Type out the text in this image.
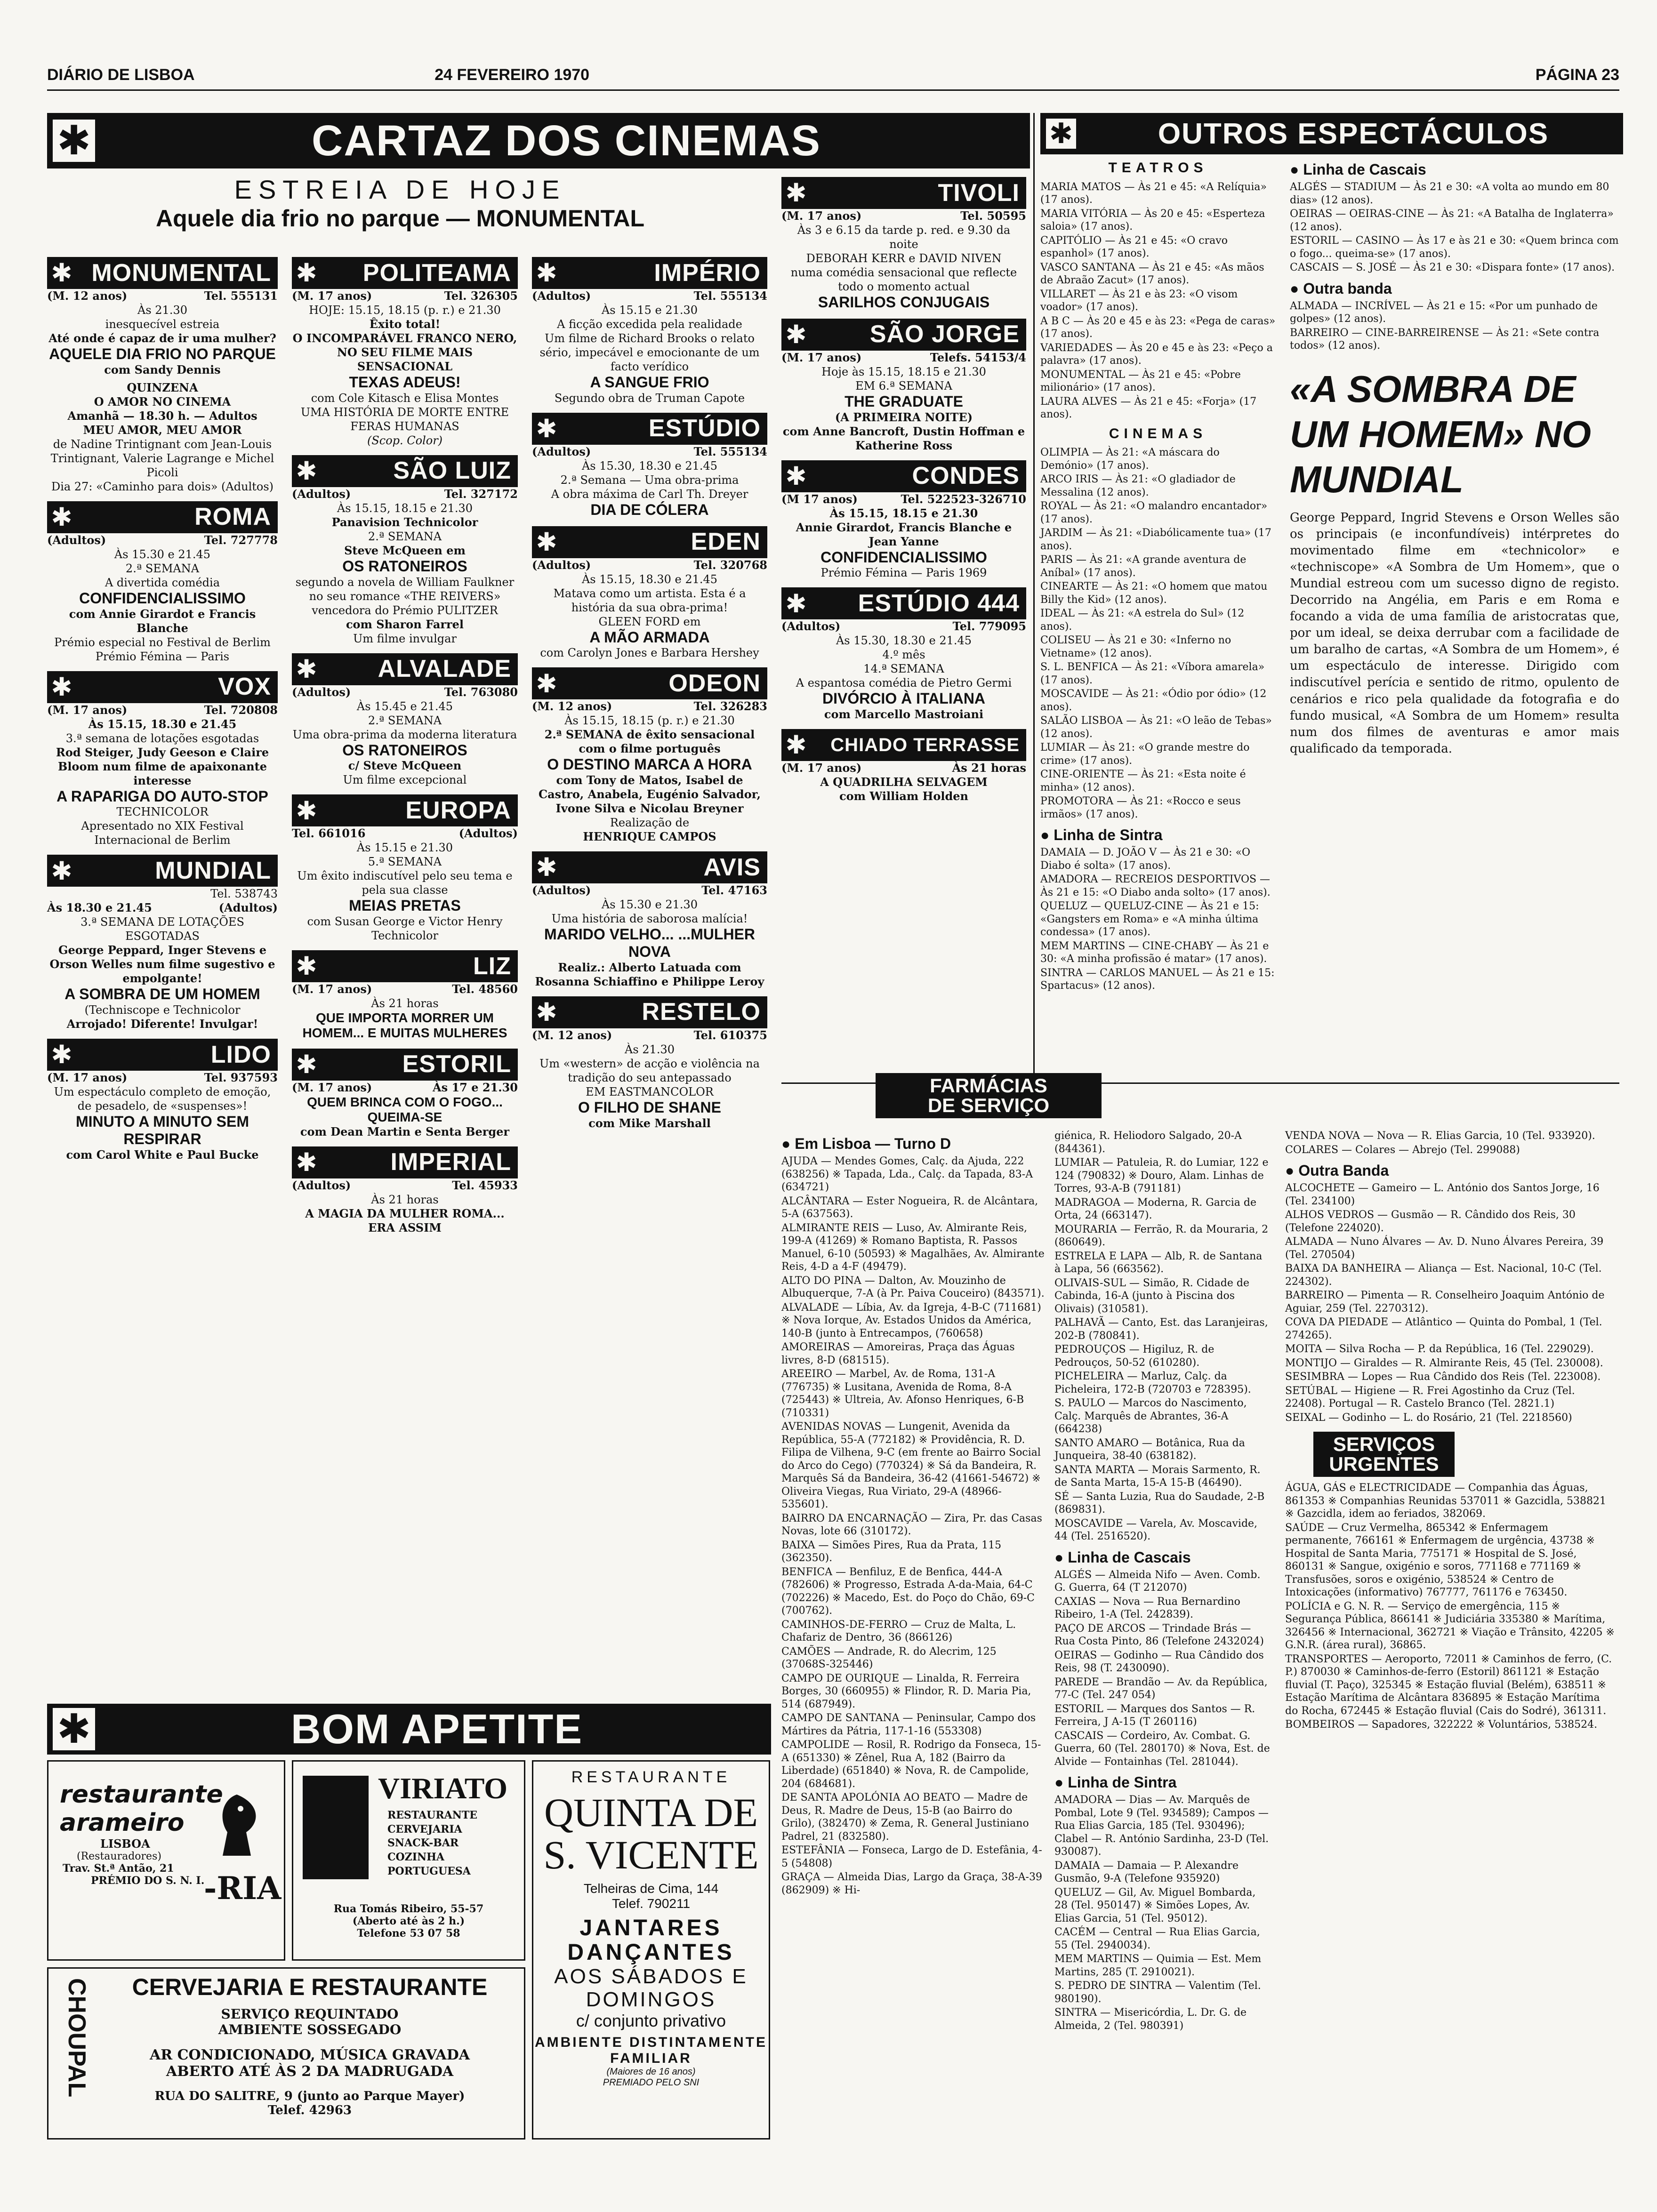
DIÁRIO DE LISBOA	24 FEVEREIRO 1970	PÁGINA 23
✱	CARTAZ DOS CINEMAS
ESTREIA DE HOJE
Aquele dia frio no parque — MONUMENTAL
✱ MONUMENTAL
(M. 12 anos)	Tel. 555131
Às 21.30
inesquecível estreia
Até onde é capaz de ir uma mulher?
AQUELE DIA FRIO NO PARQUE
com Sandy Dennis
QUINZENA
O AMOR NO CINEMA
Amanhã — 18.30 h. — Adultos
MEU AMOR, MEU AMOR
de Nadine Trintignant com Jean-Louis Trintignant, Valerie Lagrange e Michel Picoli
Dia 27: «Caminho para dois» (Adultos)
✱	ROMA
(Adultos)	Tel. 727778
Às 15.30 e 21.45
2.ª SEMANA
A divertida comédia
CONFIDENCIALISSIMO
com Annie Girardot e Francis Blanche
Prémio especial no Festival de Berlim
Prémio Fémina — Paris
✱	VOX
(M. 17 anos)	Tel. 720808
Às 15.15, 18.30 e 21.45
3.ª semana de lotações esgotadas
Rod Steiger, Judy Geeson e Claire Bloom num filme de apaixonante interesse
A RAPARIGA DO AUTO-STOP
TECHNICOLOR
Apresentado no XIX Festival Internacional de Berlim
✱	MUNDIAL
Tel. 538743
Às 18.30 e 21.45	(Adultos)
3.ª SEMANA DE LOTAÇÕES ESGOTADAS
George Peppard, Inger Stevens e Orson Welles num filme sugestivo e empolgante!
A SOMBRA DE UM HOMEM
(Techniscope e Technicolor
Arrojado! Diferente! Invulgar!
✱	LIDO
(M. 17 anos)	Tel. 937593
Um espectáculo completo de emoção, de pesadelo, de «suspenses»!
MINUTO A MINUTO SEM RESPIRAR
com Carol White e Paul Bucke
✱	POLITEAMA
(M. 17 anos)	Tel. 326305
HOJE: 15.15, 18.15 (p. r.) e 21.30
Êxito total!
O INCOMPARÁVEL FRANCO NERO, NO SEU FILME MAIS SENSACIONAL
TEXAS ADEUS!
com Cole Kitasch e Elisa Montes
UMA HISTÓRIA DE MORTE ENTRE FERAS HUMANAS
(Scop. Color)
✱	SÃO LUIZ
(Adultos)	Tel. 327172
Às 15.15, 18.15 e 21.30
Panavision Technicolor
2.ª SEMANA
Steve McQueen em
OS RATONEIROS
segundo a novela de William Faulkner no seu romance «THE REIVERS»
vencedora do Prémio PULITZER
com Sharon Farrel
Um filme invulgar
✱	ALVALADE
(Adultos)	Tel. 763080
Às 15.45 e 21.45
2.ª SEMANA
Uma obra-prima da moderna literatura
OS RATONEIROS
c/ Steve McQueen
Um filme excepcional
✱	EUROPA
Tel. 661016	(Adultos)
Às 15.15 e 21.30
5.ª SEMANA
Um êxito indiscutível pelo seu tema e pela sua classe
MEIAS PRETAS
com Susan George e Victor Henry
Technicolor
✱	LIZ
(M. 17 anos)	Tel. 48560
Às 21 horas
QUE IMPORTA MORRER UM HOMEM... E MUITAS MULHERES
✱	ESTORIL
(M. 17 anos)	Às 17 e 21.30
QUEM BRINCA COM O FOGO... QUEIMA-SE
com Dean Martin e Senta Berger
✱	IMPERIAL
(Adultos)	Tel. 45933
Às 21 horas
A MAGIA DA MULHER ROMA... ERA ASSIM
✱	IMPÉRIO
(Adultos)	Tel. 555134
Às 15.15 e 21.30
A ficção excedida pela realidade
Um filme de Richard Brooks o relato sério, impecável e emocionante de um facto verídico
A SANGUE FRIO
Segundo obra de Truman Capote
✱	ESTÚDIO
(Adultos)	Tel. 555134
Às 15.30, 18.30 e 21.45
2.ª Semana — Uma obra-prima
A obra máxima de Carl Th. Dreyer
DIA DE CÓLERA
✱	EDEN
(Adultos)	Tel. 320768
Às 15.15, 18.30 e 21.45
Matava como um artista. Esta é a história da sua obra-prima!
GLEEN FORD em
A MÃO ARMADA
com Carolyn Jones e Barbara Hershey
✱	ODEON
(M. 12 anos)	Tel. 326283
Às 15.15, 18.15 (p. r.) e 21.30
2.ª SEMANA de êxito sensacional com o filme português
O DESTINO MARCA A HORA
com Tony de Matos, Isabel de Castro, Anabela, Eugénio Salvador, Ivone Silva e Nicolau Breyner
Realização de
HENRIQUE CAMPOS
✱	AVIS
(Adultos)	Tel. 47163
Às 15.30 e 21.30
Uma história de saborosa malícia!
MARIDO VELHO... ...MULHER NOVA
Realiz.: Alberto Latuada com Rosanna Schiaffino e Philippe Leroy
✱	RESTELO
(M. 12 anos)	Tel. 610375
Às 21.30
Um «western» de acção e violência na tradição do seu antepassado
EM EASTMANCOLOR
O FILHO DE SHANE
com Mike Marshall
✱	TIVOLI
(M. 17 anos)	Tel. 50595
Às 3 e 6.15 da tarde p. red. e 9.30 da noite
DEBORAH KERR e DAVID NIVEN
numa comédia sensacional que reflecte todo o momento actual
SARILHOS CONJUGAIS
✱	SÃO JORGE
(M. 17 anos)	Telefs. 54153/4
Hoje às 15.15, 18.15 e 21.30
EM 6.ª SEMANA
THE GRADUATE
(A PRIMEIRA NOITE)
com Anne Bancroft, Dustin Hoffman e Katherine Ross
✱	CONDES
(M 17 anos)	Tel. 522523-326710
Às 15.15, 18.15 e 21.30
Annie Girardot, Francis Blanche e Jean Yanne
CONFIDENCIALISSIMO
Prémio Fémina — Paris 1969
✱	ESTÚDIO 444
(Adultos)	Tel. 779095
Às 15.30, 18.30 e 21.45
4.º mês
14.ª SEMANA
A espantosa comédia de Pietro Germi
DIVÓRCIO À ITALIANA
com Marcello Mastroiani
✱	CHIADO TERRASSE
(M. 17 anos)	Às 21 horas
A QUADRILHA SELVAGEM
com William Holden
✱	OUTROS ESPECTÁCULOS
TEATROS
MARIA MATOS — Às 21 e 45: «A Relíquia» (17 anos).
MARIA VITÓRIA — Às 20 e 45: «Esperteza saloia» (17 anos).
CAPITÓLIO — Às 21 e 45: «O cravo espanhol» (17 anos).
VASCO SANTANA — Às 21 e 45: «As mãos de Abraão Zacut» (17 anos).
VILLARET — Às 21 e às 23: «O visom voador» (17 anos).
A B C — Às 20 e 45 e às 23: «Pega de caras» (17 anos).
VARIEDADES — Às 20 e 45 e às 23: «Peço a palavra» (17 anos).
MONUMENTAL — Às 21 e 45: «Pobre milionário» (17 anos).
LAURA ALVES — Às 21 e 45: «Forja» (17 anos).
CINEMAS
OLIMPIA — Às 21: «A máscara do Demónio» (17 anos).
ARCO IRIS — Às 21: «O gladiador de Messalina (12 anos).
ROYAL — Às 21: «O malandro encantador» (17 anos).
JARDIM — Às 21: «Diabólicamente tua» (17 anos).
PARIS — Às 21: «A grande aventura de Aníbal» (17 anos).
CINEARTE — Às 21: «O homem que matou Billy the Kid» (12 anos).
IDEAL — Às 21: «A estrela do Sul» (12 anos).
COLISEU — Às 21 e 30: «Inferno no Vietname» (12 anos).
S. L. BENFICA — Às 21: «Víbora amarela» (17 anos).
MOSCAVIDE — Às 21: «Ódio por ódio» (12 anos).
SALÃO LISBOA — Às 21: «O leão de Tebas» (12 anos).
LUMIAR — Às 21: «O grande mestre do crime» (17 anos).
CINE-ORIENTE — Às 21: «Esta noite é minha» (12 anos).
PROMOTORA — Às 21: «Rocco e seus irmãos» (17 anos).
● Linha de Sintra
DAMAIA — D. JOÃO V — Às 21 e 30: «O Diabo é solta» (17 anos).
AMADORA — RECREIOS DESPORTIVOS — Às 21 e 15: «O Diabo anda solto» (17 anos).
QUELUZ — QUELUZ-CINE — Às 21 e 15: «Gangsters em Roma» e «A minha última condessa» (17 anos).
MEM MARTINS — CINE-CHABY — Às 21 e 30: «A minha profissão é matar» (17 anos).
SINTRA — CARLOS MANUEL — Às 21 e 15: Spartacus» (12 anos).
● Linha de Cascais
ALGÉS — STADIUM — Às 21 e 30: «A volta ao mundo em 80 dias» (12 anos).
OEIRAS — OEIRAS-CINE — Às 21: «A Batalha de Inglaterra» (12 anos).
ESTORIL — CASINO — Às 17 e às 21 e 30: «Quem brinca com o fogo... queima-se» (17 anos).
CASCAIS — S. JOSÉ — Às 21 e 30: «Dispara fonte» (17 anos).
● Outra banda
ALMADA — INCRÍVEL — Às 21 e 15: «Por um punhado de golpes» (12 anos).
BARREIRO — CINE-BARREIRENSE — Às 21: «Sete contra todos» (12 anos).
«A SOMBRA DE UM HOMEM» NO MUNDIAL
George Peppard, Ingrid Stevens e Orson Welles são os principais (e inconfundíveis) intérpretes do movimentado filme em «technicolor» e «techniscope» «A Sombra de Um Homem», que o Mundial estreou com um sucesso digno de registo. Decorrido na Angélia, em Paris e em Roma e focando a vida de uma família de aristocratas que, por um ideal, se deixa derrubar com a facilidade de um baralho de cartas, «A Sombra de um Homem», é um espectáculo de interesse. Dirigido com indiscutível perícia e sentido de ritmo, opulento de cenários e rico pela qualidade da fotografia e do fundo musical, «A Sombra de um Homem» resulta num dos filmes de aventuras e amor mais qualificado da temporada.
FARMÁCIAS
DE SERVIÇO
● Em Lisboa — Turno D
AJUDA — Mendes Gomes, Calç. da Ajuda, 222 (638256) ※ Tapada, Lda., Calç. da Tapada, 83-A (634721)
ALCÂNTARA — Ester Nogueira, R. de Alcântara, 5-A (637563).
ALMIRANTE REIS — Luso, Av. Almirante Reis, 199-A (41269) ※ Romano Baptista, R. Passos Manuel, 6-10 (50593) ※ Magalhães, Av. Almirante Reis, 4-D a 4-F (49479).
ALTO DO PINA — Dalton, Av. Mouzinho de Albuquerque, 7-A (à Pr. Paiva Couceiro) (843571).
ALVALADE — Líbia, Av. da Igreja, 4-B-C (711681) ※ Nova Iorque, Av. Estados Unidos da América, 140-B (junto à Entrecampos, (760658)
AMOREIRAS — Amoreiras, Praça das Águas livres, 8-D (681515).
AREEIRO — Marbel, Av. de Roma, 131-A (776735) ※ Lusitana, Avenida de Roma, 8-A (725443) ※ Ultreia, Av. Afonso Henriques, 6-B (710331)
AVENIDAS NOVAS — Lungenit, Avenida da República, 55-A (772182) ※ Providência, R. D. Filipa de Vilhena, 9-C (em frente ao Bairro Social do Arco do Cego) (770324) ※ Sá da Bandeira, R. Marquês Sá da Bandeira, 36-42 (41661-54672) ※ Oliveira Viegas, Rua Viriato, 29-A (48966-535601).
BAIRRO DA ENCARNAÇÃO — Zira, Pr. das Casas Novas, lote 66 (310172).
BAIXA — Simões Pires, Rua da Prata, 115 (362350).
BENFICA — Benfiluz, E de Benfica, 444-A (782606) ※ Progresso, Estrada A-da-Maia, 64-C (702226) ※ Macedo, Est. do Poço do Chão, 69-C (700762).
CAMINHOS-DE-FERRO — Cruz de Malta, L. Chafariz de Dentro, 36 (866126)
CAMÕES — Andrade, R. do Alecrim, 125 (37068S-325446)
CAMPO DE OURIQUE — Linalda, R. Ferreira Borges, 30 (660955) ※ Flindor, R. D. Maria Pia, 514 (687949).
CAMPO DE SANTANA — Peninsular, Campo dos Mártires da Pátria, 117-1-16 (553308)
CAMPOLIDE — Rosil, R. Rodrigo da Fonseca, 15-A (651330) ※ Zênel, Rua A, 182 (Bairro da Liberdade) (651840) ※ Nova, R. de Campolide, 204 (684681).
DE SANTA APOLÓNIA AO BEATO — Madre de Deus, R. Madre de Deus, 15-B (ao Bairro do Grilo), (382470) ※ Zema, R. General Justiniano Padrel, 21 (832580).
ESTEFÂNIA — Fonseca, Largo de D. Estefânia, 4-5 (54808)
GRAÇA — Almeida Dias, Largo da Graça, 38-A-39 (862909) ※ Hi-
giénica, R. Heliodoro Salgado, 20-A (844361).
LUMIAR — Patuleia, R. do Lumiar, 122 e 124 (790832) ※ Douro, Alam. Linhas de Torres, 93-A-B (791181)
MADRAGOA — Moderna, R. Garcia de Orta, 24 (663147).
MOURARIA — Ferrão, R. da Mouraria, 2 (860649).
ESTRELA E LAPA — Alb, R. de Santana à Lapa, 56 (663562).
OLIVAIS-SUL — Simão, R. Cidade de Cabinda, 16-A (junto à Piscina dos Olivais) (310581).
PALHAVÃ — Canto, Est. das Laranjeiras, 202-B (780841).
PEDROUÇOS — Higiluz, R. de Pedrouços, 50-52 (610280).
PICHELEIRA — Marluz, Calç. da Picheleira, 172-B (720703 e 728395).
S. PAULO — Marcos do Nascimento, Calç. Marquês de Abrantes, 36-A (664238)
SANTO AMARO — Botânica, Rua da Junqueira, 38-40 (638182).
SANTA MARTA — Morais Sarmento, R. de Santa Marta, 15-A 15-B (46490).
SÉ — Santa Luzia, Rua do Saudade, 2-B (869831).
MOSCAVIDE — Varela, Av. Moscavide, 44 (Tel. 2516520).
● Linha de Cascais
ALGÉS — Almeida Nifo — Aven. Comb. G. Guerra, 64 (T 212070)
CAXIAS — Nova — Rua Bernardino Ribeiro, 1-A (Tel. 242839).
PAÇO DE ARCOS — Trindade Brás — Rua Costa Pinto, 86 (Telefone 2432024)
OEIRAS — Godinho — Rua Cândido dos Reis, 98 (T. 2430090).
PAREDE — Brandão — Av. da República, 77-C (Tel. 247 054)
ESTORIL — Marques dos Santos — R. Ferreira, J A-15 (T 260116)
CASCAIS — Cordeiro, Av. Combat. G. Guerra, 60 (Tel. 280170) ※ Nova, Est. de Alvide — Fontainhas (Tel. 281044).
● Linha de Sintra
AMADORA — Dias — Av. Marquês de Pombal, Lote 9 (Tel. 934589); Campos — Rua Elias Garcia, 185 (Tel. 930496); Clabel — R. António Sardinha, 23-D (Tel. 930087).
DAMAIA — Damaia — P. Alexandre Gusmão, 9-A (Telefone 935920)
QUELUZ — Gil, Av. Miguel Bombarda, 28 (Tel. 950147) ※ Simões Lopes, Av. Elias Garcia, 51 (Tel. 95012).
CACÉM — Central — Rua Elias Garcia, 55 (Tel. 2940034).
MEM MARTINS — Quimia — Est. Mem Martins, 285 (T. 2910021).
S. PEDRO DE SINTRA — Valentim (Tel. 980190).
SINTRA — Misericórdia, L. Dr. G. de Almeida, 2 (Tel. 980391)
VENDA NOVA — Nova — R. Elias Garcia, 10 (Tel. 933920).
COLARES — Colares — Abrejo (Tel. 299088)
● Outra Banda
ALCOCHETE — Gameiro — L. António dos Santos Jorge, 16 (Tel. 234100)
ALHOS VEDROS — Gusmão — R. Cândido dos Reis, 30 (Telefone 224020).
ALMADA — Nuno Álvares — Av. D. Nuno Álvares Pereira, 39 (Tel. 270504)
BAIXA DA BANHEIRA — Aliança — Est. Nacional, 10-C (Tel. 224302).
BARREIRO — Pimenta — R. Conselheiro Joaquim António de Aguiar, 259 (Tel. 2270312).
COVA DA PIEDADE — Atlântico — Quinta do Pombal, 1 (Tel. 274265).
MOITA — Silva Rocha — P. da República, 16 (Tel. 229029).
MONTIJO — Giraldes — R. Almirante Reis, 45 (Tel. 230008).
SESIMBRA — Lopes — Rua Cândido dos Reis (Tel. 223008).
SETÚBAL — Higiene — R. Frei Agostinho da Cruz (Tel. 22408). Portugal — R. Castelo Branco (Tel. 2821.1)
SEIXAL — Godinho — L. do Rosário, 21 (Tel. 2218560)
SERVIÇOS
URGENTES
ÁGUA, GÁS e ELECTRICIDADE — Companhia das Águas, 861353 ※ Companhias Reunidas 537011 ※ Gazcidla, 538821 ※ Gazcidla, idem ao feriados, 382069.
SAÚDE — Cruz Vermelha, 865342 ※ Enfermagem permanente, 766161 ※ Enfermagem de urgência, 43738 ※ Hospital de Santa Maria, 775171 ※ Hospital de S. José, 860131 ※ Sangue, oxigénio e soros, 771168 e 771169 ※ Transfusões, soros e oxigénio, 538524 ※ Centro de Intoxicações (informativo) 767777, 761176 e 763450.
POLÍCIA e G. N. R. — Serviço de emergência, 115 ※ Segurança Pública, 866141 ※ Judiciária 335380 ※ Marítima, 326456 ※ Internacional, 362721 ※ Viação e Trânsito, 42205 ※ G.N.R. (área rural), 36865.
TRANSPORTES — Aeroporto, 72011 ※ Caminhos de ferro, (C. P.) 870030 ※ Caminhos-de-ferro (Estoril) 861121 ※ Estação fluvial (T. Paço), 325345 ※ Estação fluvial (Belém), 638511 ※ Estação Marítima de Alcântara 836895 ※ Estação Marítima do Rocha, 672445 ※ Estação fluvial (Cais do Sodré), 361311.
BOMBEIROS — Sapadores, 322222 ※ Voluntários, 538524.
✱	BOM APETITE
restaurante
arameiro
LISBOA
(Restauradores)
Trav. St.ª Antão, 21
PRÉMIO DO S. N. I.
-RIA
VIRIATO
RESTAURANTE
CERVEJARIA
SNACK-BAR
COZINHA
PORTUGUESA
Rua Tomás Ribeiro, 55-57
(Aberto até às 2 h.)
Telefone 53 07 58
RESTAURANTE
QUINTA DE S. VICENTE
Telheiras de Cima, 144
Telef. 790211
JANTARES DANÇANTES
AOS SÁBADOS E DOMINGOS
c/ conjunto privativo
AMBIENTE DISTINTAMENTE FAMILIAR
(Maiores de 16 anos)
PREMIADO PELO SNI
CHOUPAL	CERVEJARIA E RESTAURANTE
SERVIÇO REQUINTADO
AMBIENTE SOSSEGADO
AR CONDICIONADO, MÚSICA GRAVADA
ABERTO ATÉ ÀS 2 DA MADRUGADA
RUA DO SALITRE, 9 (junto ao Parque Mayer)
Telef. 42963
